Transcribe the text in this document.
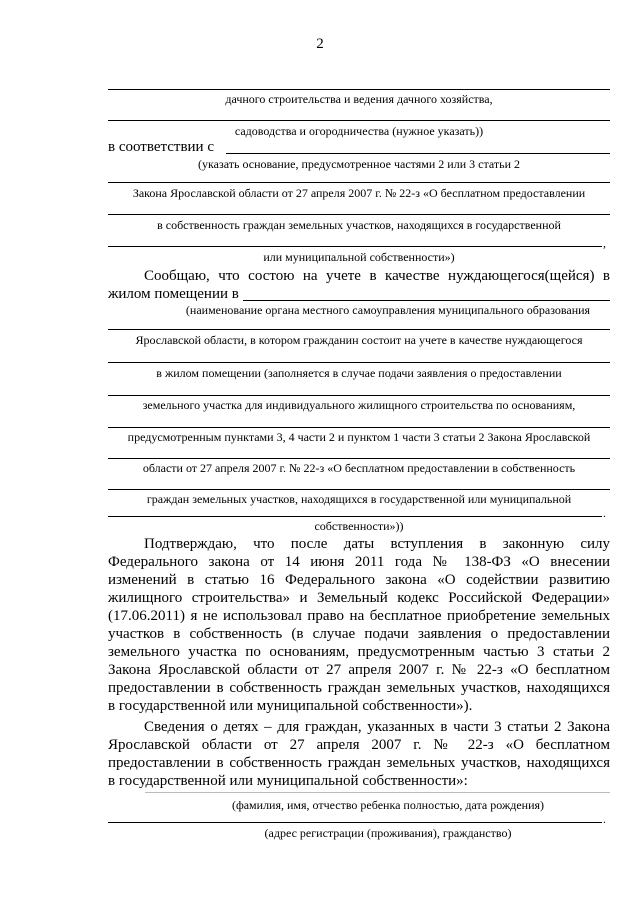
2
дачного строительства и ведения дачного хозяйства,
садоводства и огородничества (нужное указать))
в соответствии с
(указать основание, предусмотренное частями 2 или 3 статьи 2
Закона Ярославской области от 27 апреля 2007 г. № 22-з «О бесплатном предоставлении
в собственность граждан земельных участков, находящихся в государственной
,
или муниципальной собственности»)
Сообщаю, что состою на учете в качестве нуждающегося(щейся) в
жилом помещении в
(наименование органа местного самоуправления муниципального образования
Ярославской области, в котором гражданин состоит на учете в качестве нуждающегося
в жилом помещении (заполняется в случае подачи заявления о предоставлении
земельного участка для индивидуального жилищного строительства по основаниям,
предусмотренным пунктами 3, 4 части 2 и пунктом 1 части 3 статьи 2 Закона Ярославской
области от 27 апреля 2007 г. № 22-з «О бесплатном предоставлении в собственность
граждан земельных участков, находящихся в государственной или муниципальной
.
собственности»))
Подтверждаю, что после даты вступления в законную силу
Федерального закона от 14 июня 2011 года № 138-ФЗ «О внесении
изменений в статью 16 Федерального закона «О содействии развитию
жилищного строительства» и Земельный кодекс Российской Федерации»
(17.06.2011) я не использовал право на бесплатное приобретение земельных
участков в собственность (в случае подачи заявления о предоставлении
земельного участка по основаниям, предусмотренным частью 3 статьи 2
Закона Ярославской области от 27 апреля 2007 г. № 22-з «О бесплатном
предоставлении в собственность граждан земельных участков, находящихся
в государственной или муниципальной собственности»).
Сведения о детях – для граждан, указанных в части 3 статьи 2 Закона
Ярославской области от 27 апреля 2007 г. № 22-з «О бесплатном
предоставлении в собственность граждан земельных участков, находящихся
в государственной или муниципальной собственности»:
(фамилия, имя, отчество ребенка полностью, дата рождения)
.
(адрес регистрации (проживания), гражданство)
